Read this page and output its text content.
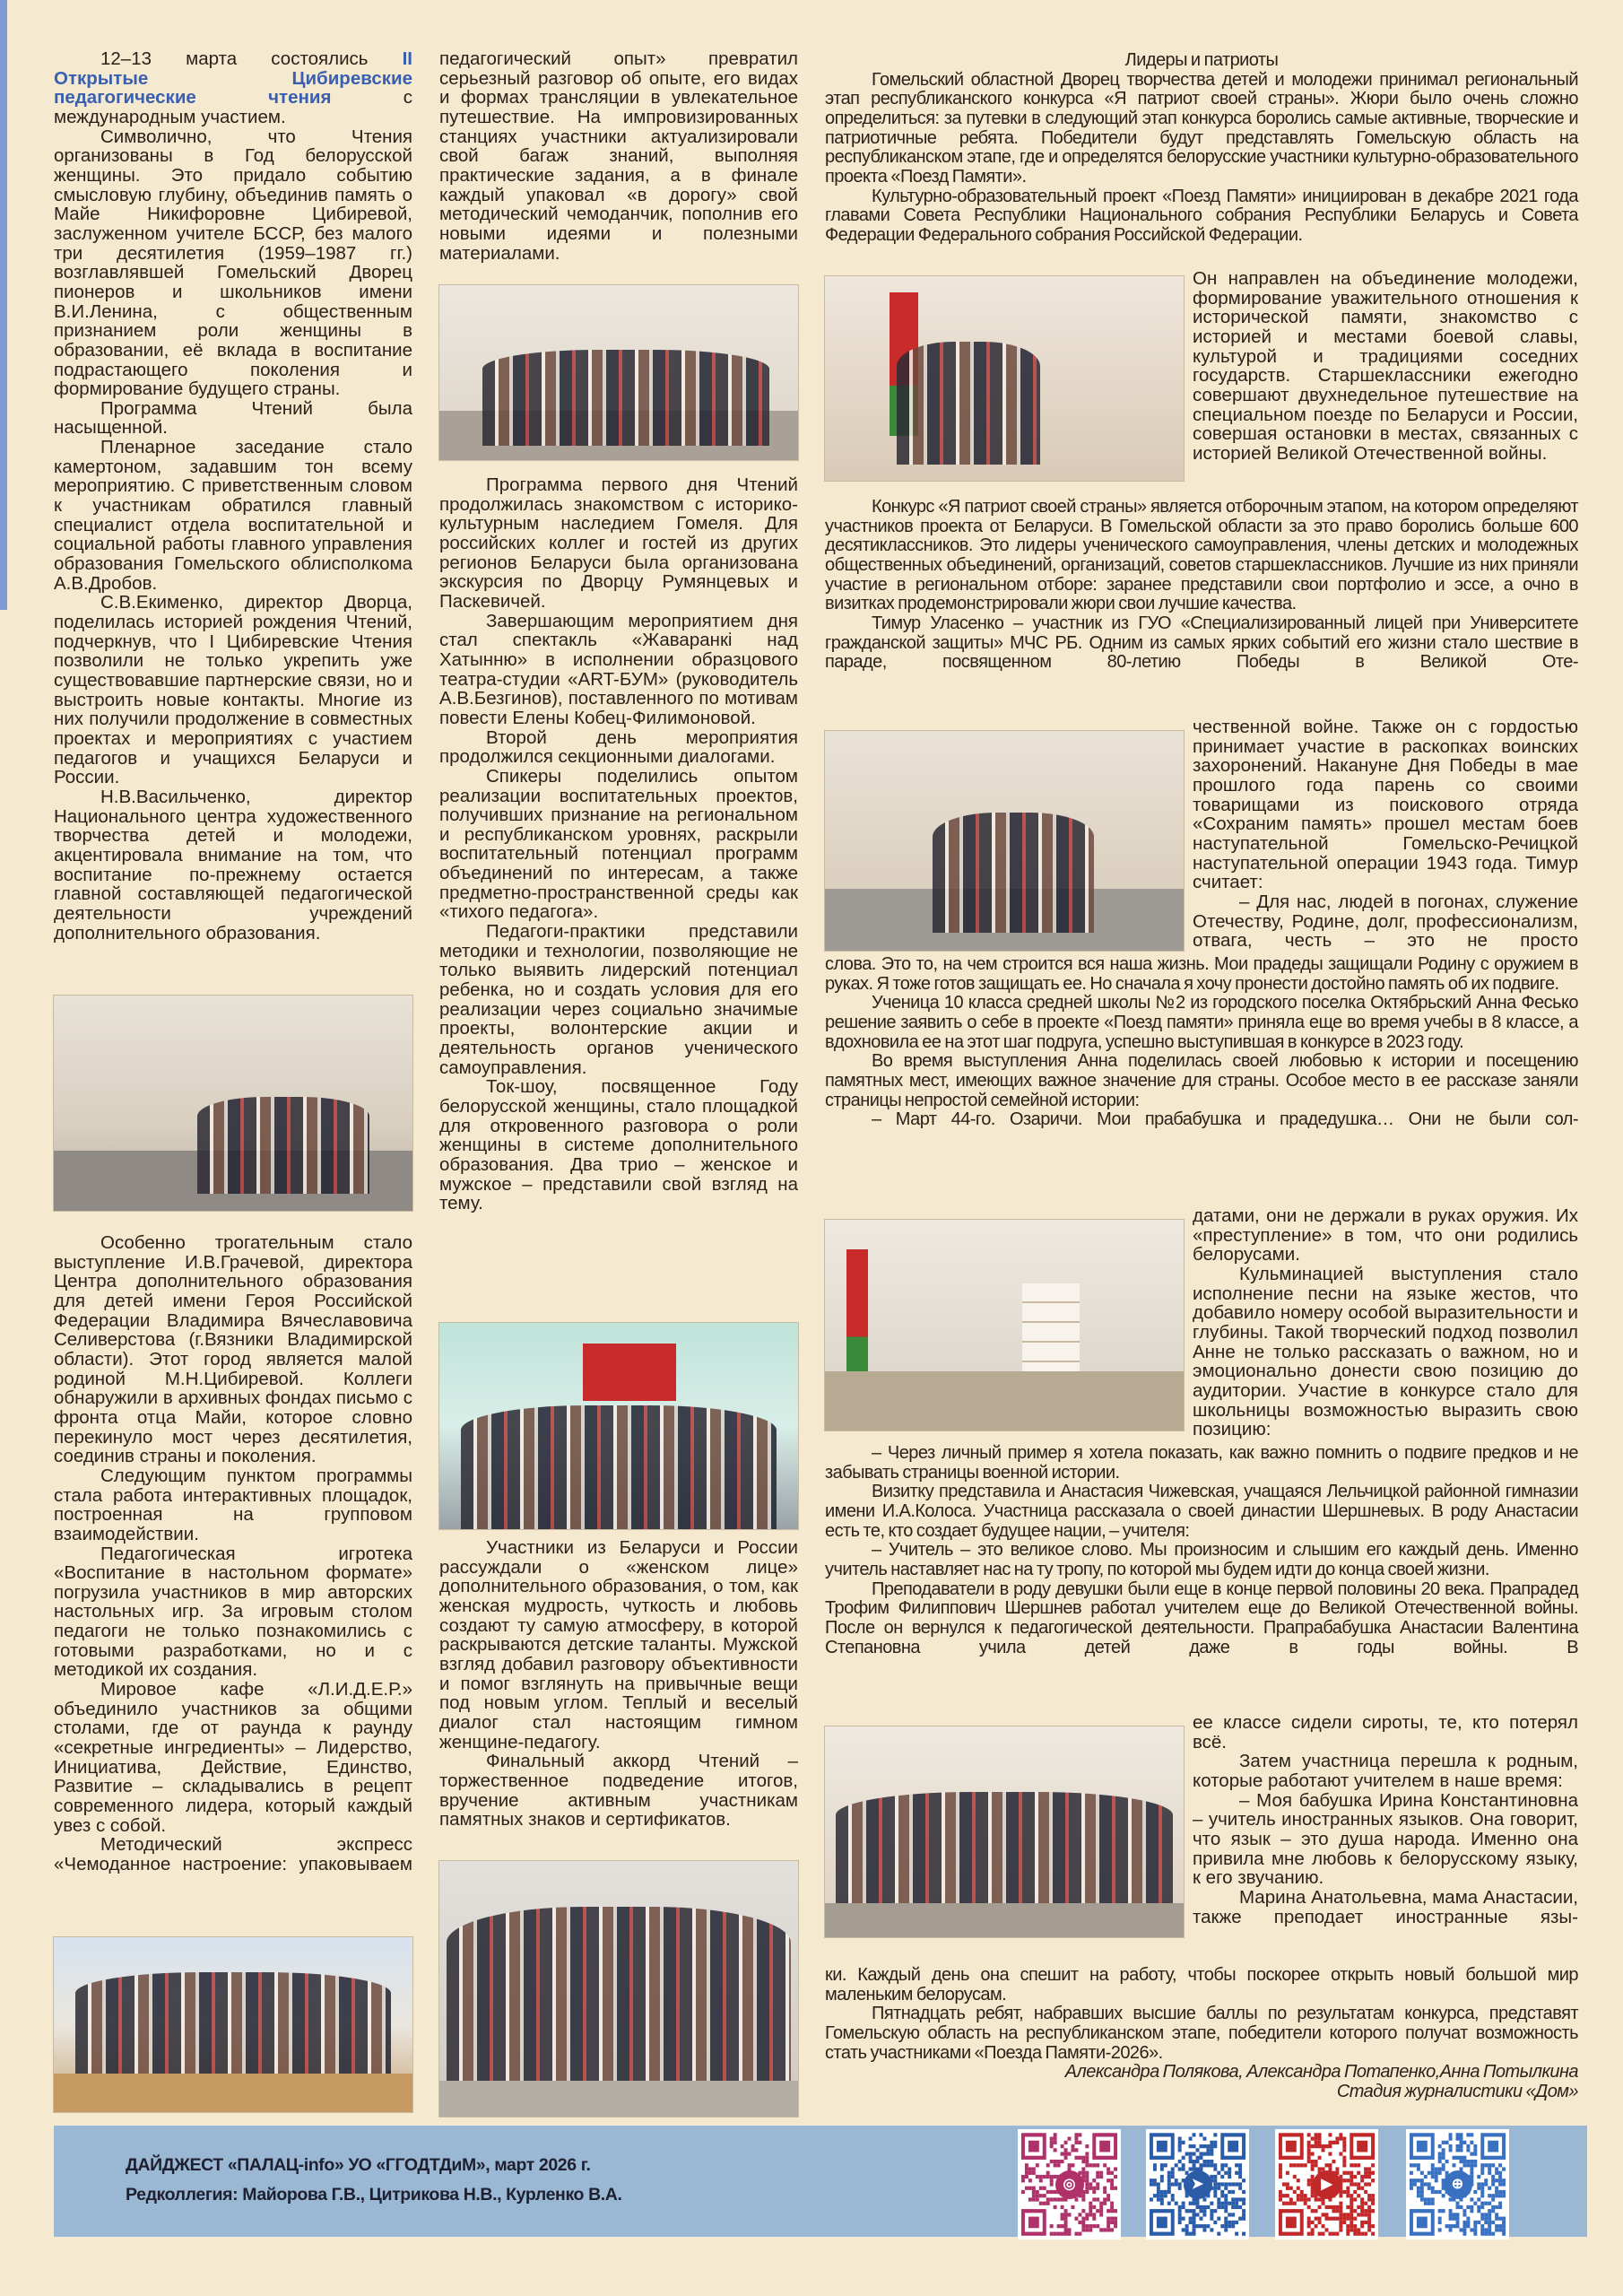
12–13 марта состоялись II Открытые Цибиревские педагогические чтения с международным участием.

Символично, что Чтения организованы в Год белорусской женщины. Это придало событию смысловую глубину, объединив память о Майе Никифоровне Цибиревой, заслуженном учителе БССР, без малого три десятилетия (1959–1987 гг.) возглавлявшей Гомельский Дворец пионеров и школьников имени В.И.Ленина, с общественным признанием роли женщины в образовании, её вклада в воспитание подрастающего поколения и формирование будущего страны.

Программа Чтений была насыщенной.

Пленарное заседание стало камертоном, задавшим тон всему мероприятию. С приветственным словом к участникам обратился главный специалист отдела воспитательной и социальной работы главного управления образования Гомельского облисполкома А.В.Дробов.

С.В.Екименко, директор Дворца, поделилась историей рождения Чтений, подчеркнув, что I Цибиревские Чтения позволили не только укрепить уже существовавшие партнерские связи, но и выстроить новые контакты. Многие из них получили продолжение в совместных проектах и мероприятиях с участием педагогов и учащихся Беларуси и России.

Н.В.Васильченко, директор Национального центра художественного творчества детей и молодежи, акцентировала внимание на том, что воспитание по-прежнему остается главной составляющей педагогической деятельности учреждений дополнительного образования.

Особенно трогательным стало выступление И.В.Грачевой, директора Центра дополнительного образования для детей имени Героя Российской Федерации Владимира Вячеславовича Селиверстова (г.Вязники Владимирской области). Этот город является малой родиной М.Н.Цибиревой. Коллеги обнаружили в архивных фондах письмо с фронта отца Майи, которое словно перекинуло мост через десятилетия, соединив страны и поколения.

Следующим пунктом программы стала работа интерактивных площадок, построенная на групповом взаимодействии.

Педагогическая игротека «Воспитание в настольном формате» погрузила участников в мир авторских настольных игр. За игровым столом педагоги не только познакомились с готовыми разработками, но и с методикой их создания.

Мировое кафе «Л.И.Д.Е.Р.» объединило участников за общими столами, где от раунда к раунду «секретные ингредиенты» – Лидерство, Инициатива, Действие, Единство, Развитие – складывались в рецепт современного лидера, который каждый увез с собой.

Методический экспресс «Чемоданное настроение: упаковываем

педагогический опыт» превратил серьезный разговор об опыте, его видах и формах трансляции в увлекательное путешествие. На импровизированных станциях участники актуализировали свой багаж знаний, выполняя практические задания, а в финале каждый упаковал «в дорогу» свой методический чемоданчик, пополнив его новыми идеями и полезными материалами.

Программа первого дня Чтений продолжилась знакомством с историко-культурным наследием Гомеля. Для российских коллег и гостей из других регионов Беларуси была организована экскурсия по Дворцу Румянцевых и Паскевичей.

Завершающим мероприятием дня стал спектакль «Жаваранкі над Хатынню» в исполнении образцового театра-студии «ART-БУМ» (руководитель А.В.Безгинов), поставленного по мотивам повести Елены Кобец-Филимоновой.

Второй день мероприятия продолжился секционными диалогами.

Спикеры поделились опытом реализации воспитательных проектов, получивших признание на региональном и республиканском уровнях, раскрыли воспитательный потенциал программ объединений по интересам, а также предметно-пространственной среды как «тихого педагога».

Педагоги-практики представили методики и технологии, позволяющие не только выявить лидерский потенциал ребенка, но и создать условия для его реализации через социально значимые проекты, волонтерские акции и деятельность органов ученического самоуправления.

Ток-шоу, посвященное Году белорусской женщины, стало площадкой для откровенного разговора о роли женщины в системе дополнительного образования. Два трио – женское и мужское – представили свой взгляд на тему.

Участники из Беларуси и России рассуждали о «женском лице» дополнительного образования, о том, как женская мудрость, чуткость и любовь создают ту самую атмосферу, в которой раскрываются детские таланты. Мужской взгляд добавил разговору объективности и помог взглянуть на привычные вещи под новым углом. Теплый и веселый диалог стал настоящим гимном женщине-педагогу.

Финальный аккорд Чтений – торжественное подведение итогов, вручение активным участникам памятных знаков и сертификатов.

Лидеры и патриоты

Гомельский областной Дворец творчества детей и молодежи принимал региональный этап республиканского конкурса «Я патриот своей страны». Жюри было очень сложно определиться: за путевки в следующий этап конкурса боролись самые активные, творческие и патриотичные ребята. Победители будут представлять Гомельскую область на республиканском этапе, где и определятся белорусские участники культурно-образовательного проекта «Поезд Памяти».

Культурно-образовательный проект «Поезд Памяти» инициирован в декабре 2021 года главами Совета Республики Национального собрания Республики Беларусь и Совета Федерации Федерального собрания Российской Федерации.

Он направлен на объединение молодежи, формирование уважительного отношения к исторической памяти, знакомство с историей и местами боевой славы, культурой и традициями соседних государств. Старшеклассники ежегодно совершают двухнедельное путешествие на специальном поезде по Беларуси и России, совершая остановки в местах, связанных с историей Великой Отечественной войны.

Конкурс «Я патриот своей страны» является отборочным этапом, на котором определяют участников проекта от Беларуси. В Гомельской области за это право боролись больше 600 десятиклассников. Это лидеры ученического самоуправления, члены детских и молодежных общественных объединений, организаций, советов старшеклассников. Лучшие из них приняли участие в региональном отборе: заранее представили свои портфолио и эссе, а очно в визитках продемонстрировали жюри свои лучшие качества.

Тимур Уласенко – участник из ГУО «Специализированный лицей при Университете гражданской защиты» МЧС РБ. Одним из самых ярких событий его жизни стало шествие в параде, посвященном 80-летию Победы в Великой Оте-

чественной войне. Также он с гордостью принимает участие в раскопках воинских захоронений. Накануне Дня Победы в мае прошлого года парень со своими товарищами из поискового отряда «Сохраним память» прошел местам боев наступательной Гомельско-Речицкой наступательной операции 1943 года. Тимур считает:

– Для нас, людей в погонах, служение Отечеству, Родине, долг, профессионализм, отвага, честь – это не просто

слова. Это то, на чем строится вся наша жизнь. Мои прадеды защищали Родину с оружием в руках. Я тоже готов защищать ее. Но сначала я хочу пронести достойно память об их подвиге.

Ученица 10 класса средней школы №2 из городского поселка Октябрьский Анна Фесько решение заявить о себе в проекте «Поезд памяти» приняла еще во время учебы в 8 классе, а вдохновила ее на этот шаг подруга, успешно выступившая в конкурсе в 2023 году.

Во время выступления Анна поделилась своей любовью к истории и посещению памятных мест, имеющих важное значение для страны. Особое место в ее рассказе заняли страницы непростой семейной истории:

– Март 44-го. Озаричи. Мои прабабушка и прадедушка… Они не были сол-

датами, они не держали в руках оружия. Их «преступление» в том, что они родились белорусами.

Кульминацией выступления стало исполнение песни на языке жестов, что добавило номеру особой выразительности и глубины. Такой творческий подход позволил Анне не только рассказать о важном, но и эмоционально донести свою позицию до аудитории. Участие в конкурсе стало для школьницы возможностью выразить свою позицию:

– Через личный пример я хотела показать, как важно помнить о подвиге предков и не забывать страницы военной истории.

Визитку представила и Анастасия Чижевская, учащаяся Лельчицкой районной гимназии имени И.А.Колоса. Участница рассказала о своей династии Шершневых. В роду Анастасии есть те, кто создает будущее нации, – учителя:

– Учитель – это великое слово. Мы произносим и слышим его каждый день. Именно учитель наставляет нас на ту тропу, по которой мы будем идти до конца своей жизни.

Преподаватели в роду девушки были еще в конце первой половины 20 века. Прапрадед Трофим Филиппович Шершнев работал учителем еще до Великой Отечественной войны. После он вернулся к педагогической деятельности. Прапрабабушка Анастасии Валентина Степановна учила детей даже в годы войны. В

ее классе сидели сироты, те, кто потерял всё.

Затем участница перешла к родным, которые работают учителем в наше время:

– Моя бабушка Ирина Константиновна – учитель иностранных языков. Она говорит, что язык – это душа народа. Именно она привила мне любовь к белорусскому языку, к его звучанию.

Марина Анатольевна, мама Анастасии, также преподает иностранные язы-

ки. Каждый день она спешит на работу, чтобы поскорее открыть новый большой мир маленьким белорусам.

Пятнадцать ребят, набравших высшие баллы по результатам конкурса, представят Гомельскую область на республиканском этапе, победители которого получат возможность стать участниками «Поезда Памяти-2026».

Александра Полякова, Александра Потапенко,Анна Потылкина

Стадия журналистики «Дом»

ДАЙДЖЕСТ «ПАЛАЦ-info» УО «ГГОДТДиМ», март 2026 г.
Редколлегия: Майорова Г.В., Цитрикова Н.В., Курленко В.А.
◎	➤	▶	⊕
